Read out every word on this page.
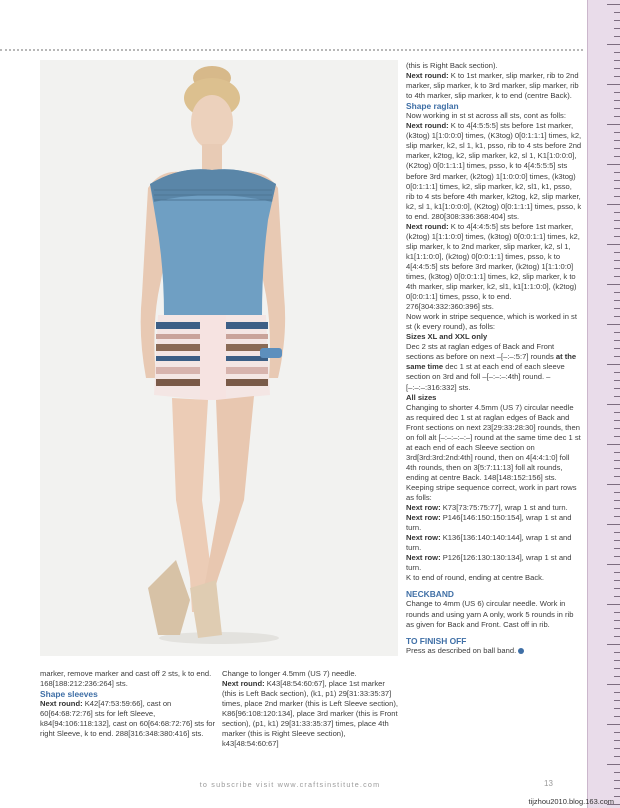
(this is Right Back section).

Next round: K to 1st marker, slip marker, rib to 2nd marker, slip marker, k to 3rd marker, slip marker, rib to 4th marker, slip marker, k to end (centre Back).

Shape raglan

Now working in st st across all sts, cont as folls:

Next round: K to 4[4:5:5:5] sts before 1st marker, (k3tog) 1[1:0:0:0] times, (K3tog) 0[0:1:1:1] times, k2, slip marker, k2, sl 1, k1, psso, rib to 4 sts before 2nd marker, k2tog, k2, slip marker, k2, sl 1, K1[1:0:0:0], (K2tog) 0[0:1:1:1] times, psso, k to 4[4:5:5:5] sts before 3rd marker, (k2tog) 1[1:0:0:0] times, (k3tog) 0[0:1:1:1] times, k2, slip marker, k2, sl1, k1, psso, rib to 4 sts before 4th marker, k2tog, k2, slip marker, k2, sl 1, k1[1:0:0:0], (K2tog) 0[0:1:1:1] times, psso, k to end. 280[308:336:368:404] sts.

Next round: K to 4[4:4:5:5] sts before 1st marker, (k2tog) 1[1:1:0:0] times, (k3tog) 0[0:0:1:1] times, k2, slip marker, k to 2nd marker, slip marker, k2, sl 1, k1[1:1:0:0], (k2tog) 0[0:0:1:1] times, psso, k to 4[4:4:5:5] sts before 3rd marker, (k2tog) 1[1:1:0:0] times, (k3tog) 0[0:0:1:1] times, k2, slip marker, k to 4th marker, slip marker, k2, sl1, k1[1:1:0:0], (k2tog) 0[0:0:1:1] times, psso, k to end. 276[304:332:360:396] sts.

Now work in stripe sequence, which is worked in st st (k every round), as folls:

Sizes XL and XXL only

Dec 2 sts at raglan edges of Back and Front sections as before on next –[–:–:5:7] rounds at the same time dec 1 st at each end of each sleeve section on 3rd and foll –[–:–:–:4th] round. –[–:–:–:316:332] sts.

All sizes

Changing to shorter 4.5mm (US 7) circular needle as required dec 1 st at raglan edges of Back and Front sections on next 23[29:33:28:30] rounds, then on foll alt [–:–:–:–:–] round at the same time dec 1 st at each end of each Sleeve section on 3rd[3rd:3rd:2nd:4th] round, then on 4[4:4:1:0] foll 4th rounds, then on 3[5:7:11:13] foll alt rounds, ending at centre Back. 148[148:152:156] sts.

Keeping stripe sequence correct, work in part rows as folls:

Next row: K73[73:75:75:77], wrap 1 st and turn.

Next row: P146[146:150:150:154], wrap 1 st and turn.

Next row: K136[136:140:140:144], wrap 1 st and turn.

Next row: P126[126:130:130:134], wrap 1 st and turn.

K to end of round, ending at centre Back.

NECKBAND

Change to 4mm (US 6) circular needle. Work in rounds and using yarn A only, work 5 rounds in rib as given for Back and Front. Cast off in rib.

TO FINISH OFF

Press as described on ball band.

marker, remove marker and cast off 2 sts, k to end. 168[188:212:236:264] sts.

Shape sleeves

Next round: K42[47:53:59:66], cast on 60[64:68:72:76] sts for left Sleeve, k84[94:106:118:132], cast on 60[64:68:72:76] sts for right Sleeve, k to end. 288[316:348:380:416] sts.

Change to longer 4.5mm (US 7) needle.

Next round: K43[48:54:60:67], place 1st marker (this is Left Back section), (k1, p1) 29[31:33:35:37] times, place 2nd marker (this is Left Sleeve section), K86[96:108:120:134], place 3rd marker (this is Front section), (p1, k1) 29[31:33:35:37] times, place 4th marker (this is Right Sleeve section), k43[48:54:60:67]

to subscribe visit www.craftsinstitute.com	13
tijzhou2010.blog.163.com
